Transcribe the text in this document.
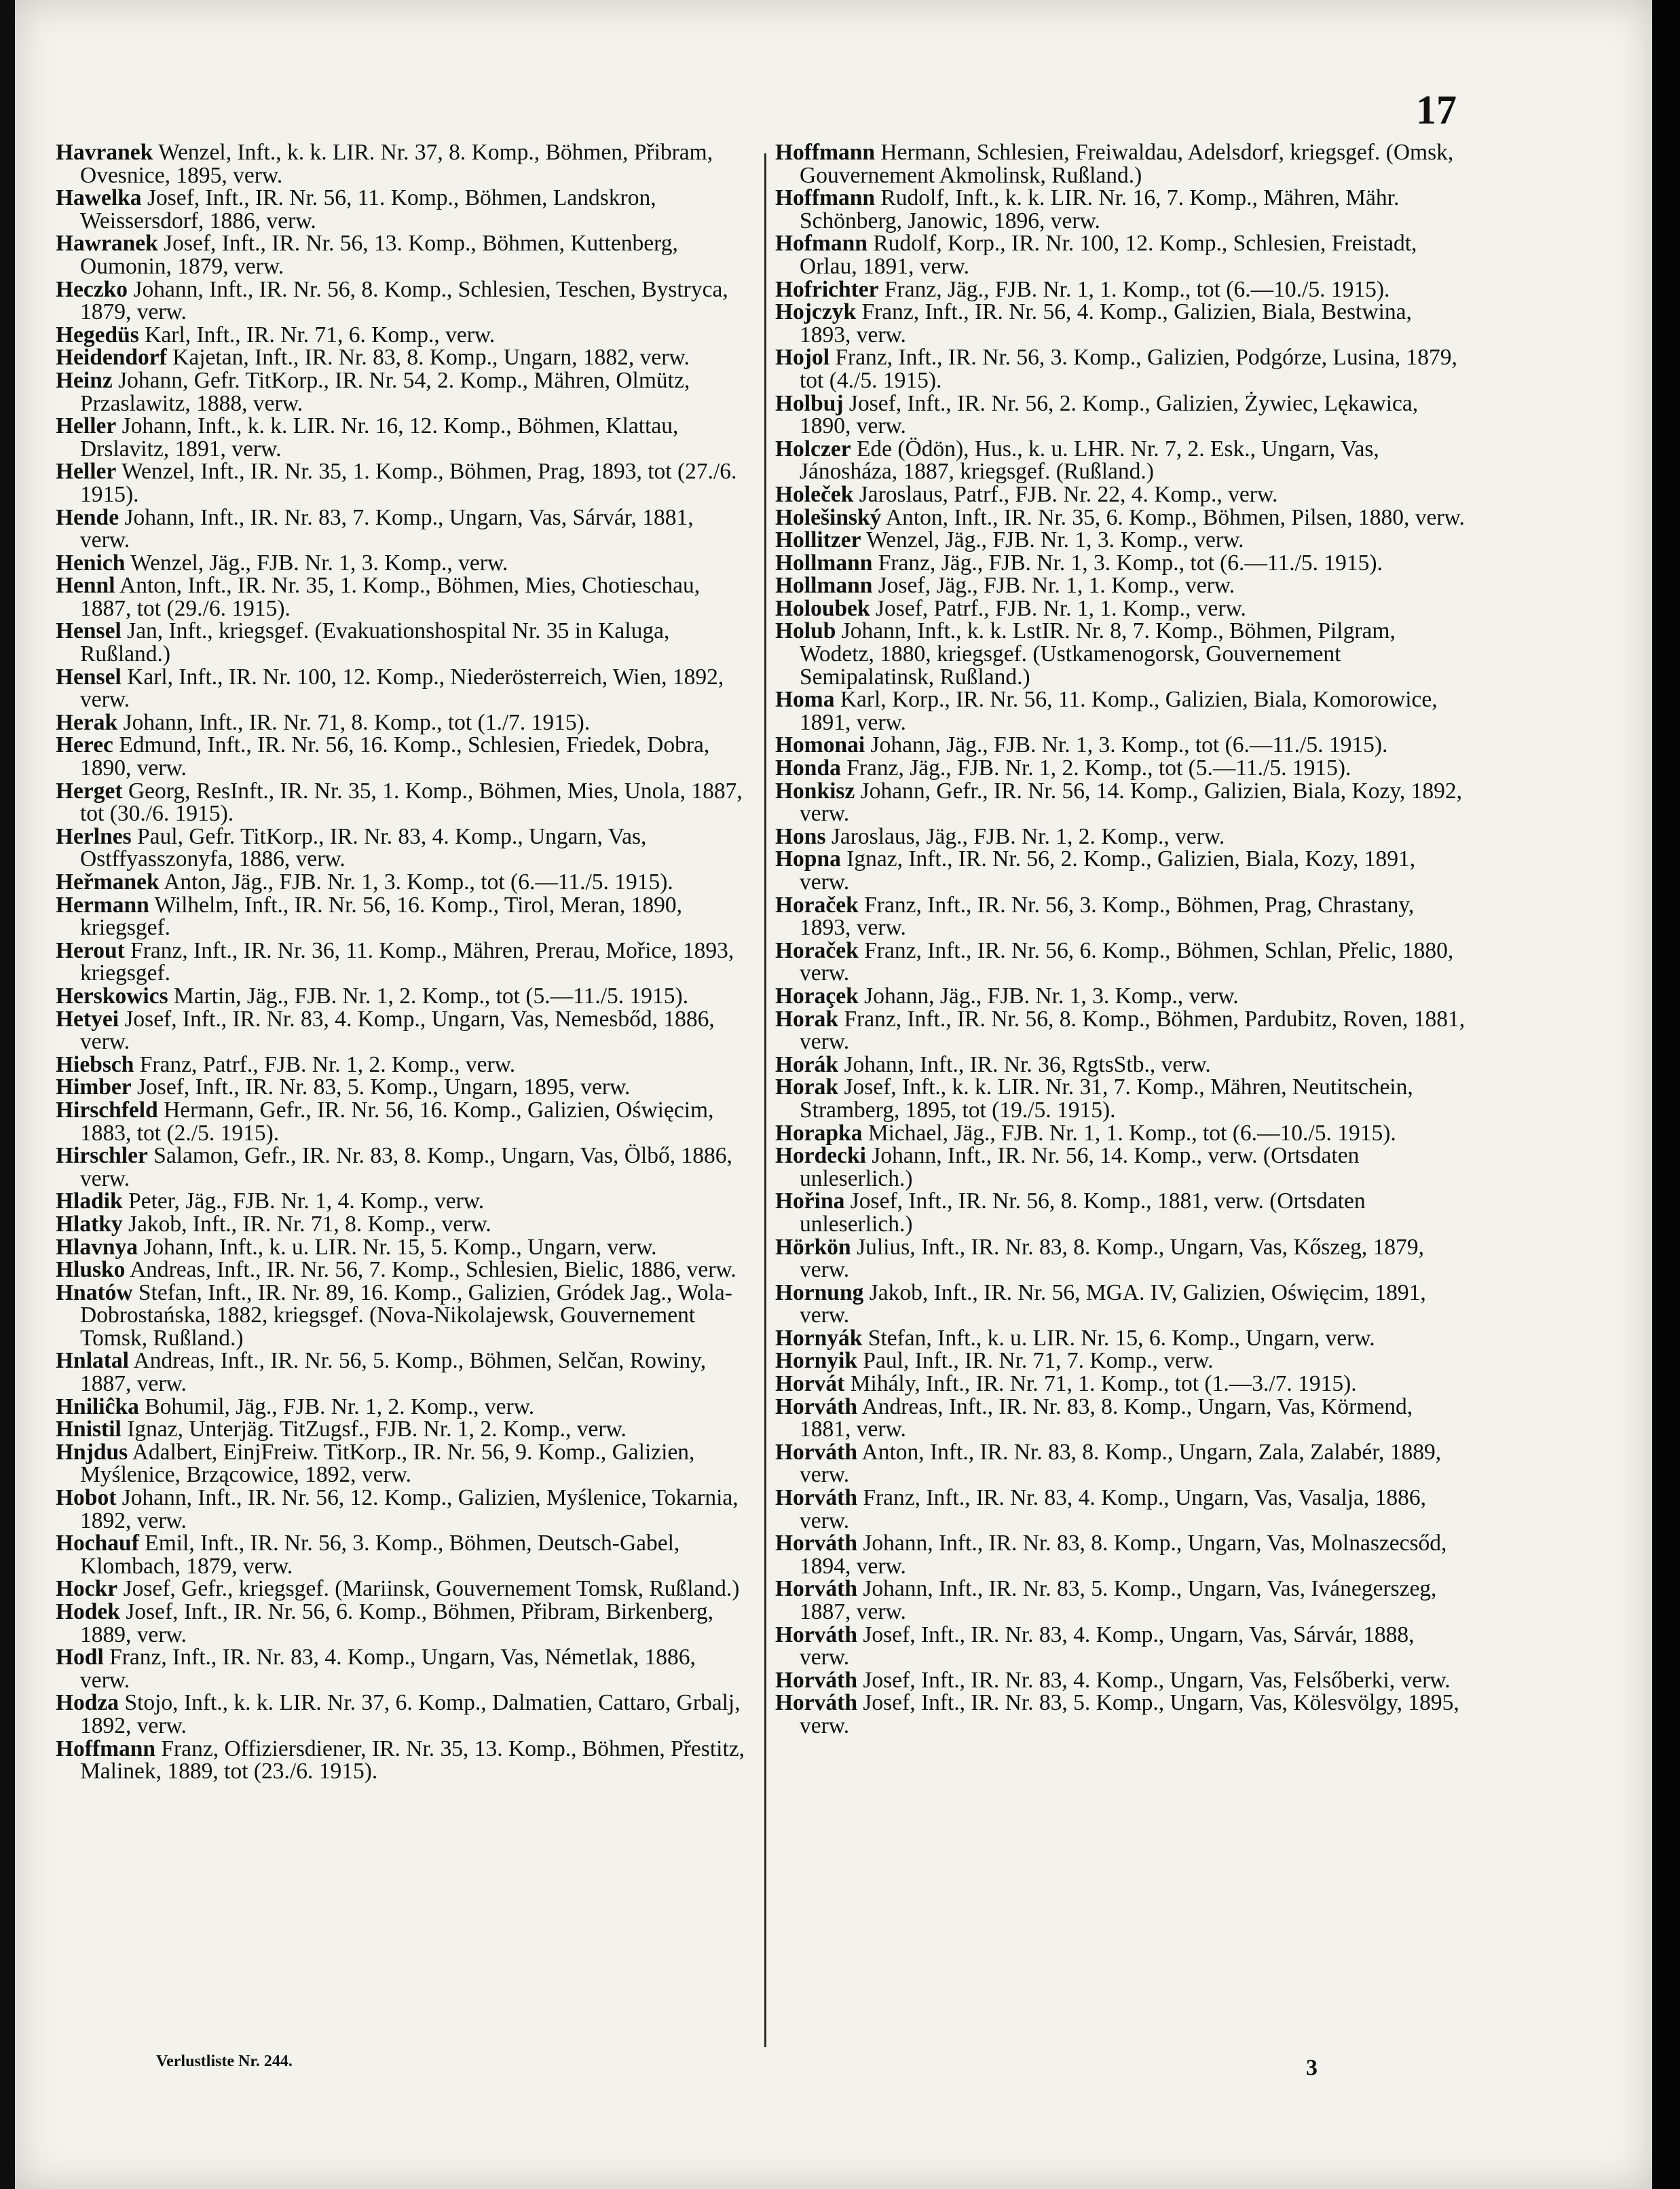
17

Havranek Wenzel, Inft., k. k. LIR. Nr. 37, 8. Komp., Böhmen, Přibram, Ovesnice, 1895, verw.

Hawelka Josef, Inft., IR. Nr. 56, 11. Komp., Böhmen, Landskron, Weissersdorf, 1886, verw.

Hawranek Josef, Inft., IR. Nr. 56, 13. Komp., Böhmen, Kuttenberg, Oumonin, 1879, verw.

Heczko Johann, Inft., IR. Nr. 56, 8. Komp., Schlesien, Teschen, Bystryca, 1879, verw.

Hegedüs Karl, Inft., IR. Nr. 71, 6. Komp., verw.

Heidendorf Kajetan, Inft., IR. Nr. 83, 8. Komp., Ungarn, 1882, verw.

Heinz Johann, Gefr. TitKorp., IR. Nr. 54, 2. Komp., Mähren, Olmütz, Przaslawitz, 1888, verw.

Heller Johann, Inft., k. k. LIR. Nr. 16, 12. Komp., Böhmen, Klattau, Drslavitz, 1891, verw.

Heller Wenzel, Inft., IR. Nr. 35, 1. Komp., Böhmen, Prag, 1893, tot (27./6. 1915).

Hende Johann, Inft., IR. Nr. 83, 7. Komp., Ungarn, Vas, Sárvár, 1881, verw.

Henich Wenzel, Jäg., FJB. Nr. 1, 3. Komp., verw.

Hennl Anton, Inft., IR. Nr. 35, 1. Komp., Böhmen, Mies, Chotieschau, 1887, tot (29./6. 1915).

Hensel Jan, Inft., kriegsgef. (Evakuationshospital Nr. 35 in Kaluga, Rußland.)

Hensel Karl, Inft., IR. Nr. 100, 12. Komp., Niederösterreich, Wien, 1892, verw.

Herak Johann, Inft., IR. Nr. 71, 8. Komp., tot (1./7. 1915).

Herec Edmund, Inft., IR. Nr. 56, 16. Komp., Schlesien, Friedek, Dobra, 1890, verw.

Herget Georg, ResInft., IR. Nr. 35, 1. Komp., Böhmen, Mies, Unola, 1887, tot (30./6. 1915).

Herlnes Paul, Gefr. TitKorp., IR. Nr. 83, 4. Komp., Ungarn, Vas, Ostffyasszonyfa, 1886, verw.

Heřmanek Anton, Jäg., FJB. Nr. 1, 3. Komp., tot (6.—11./5. 1915).

Hermann Wilhelm, Inft., IR. Nr. 56, 16. Komp., Tirol, Meran, 1890, kriegsgef.

Herout Franz, Inft., IR. Nr. 36, 11. Komp., Mähren, Prerau, Mořice, 1893, kriegsgef.

Herskowics Martin, Jäg., FJB. Nr. 1, 2. Komp., tot (5.—11./5. 1915).

Hetyei Josef, Inft., IR. Nr. 83, 4. Komp., Ungarn, Vas, Nemesbőd, 1886, verw.

Hiebsch Franz, Patrf., FJB. Nr. 1, 2. Komp., verw.

Himber Josef, Inft., IR. Nr. 83, 5. Komp., Ungarn, 1895, verw.

Hirschfeld Hermann, Gefr., IR. Nr. 56, 16. Komp., Galizien, Oświęcim, 1883, tot (2./5. 1915).

Hirschler Salamon, Gefr., IR. Nr. 83, 8. Komp., Ungarn, Vas, Ölbő, 1886, verw.

Hladik Peter, Jäg., FJB. Nr. 1, 4. Komp., verw.

Hlatky Jakob, Inft., IR. Nr. 71, 8. Komp., verw.

Hlavnya Johann, Inft., k. u. LIR. Nr. 15, 5. Komp., Ungarn, verw.

Hlusko Andreas, Inft., IR. Nr. 56, 7. Komp., Schlesien, Bielic, 1886, verw.

Hnatów Stefan, Inft., IR. Nr. 89, 16. Komp., Galizien, Gródek Jag., Wola-Dobrostańska, 1882, kriegsgef. (Nova-Nikolajewsk, Gouvernement Tomsk, Rußland.)

Hnlatal Andreas, Inft., IR. Nr. 56, 5. Komp., Böhmen, Selčan, Rowiny, 1887, verw.

Hniliĉka Bohumil, Jäg., FJB. Nr. 1, 2. Komp., verw.

Hnistil Ignaz, Unterjäg. TitZugsf., FJB. Nr. 1, 2. Komp., verw.

Hnjdus Adalbert, EinjFreiw. TitKorp., IR. Nr. 56, 9. Komp., Galizien, Myślenice, Brzącowice, 1892, verw.

Hobot Johann, Inft., IR. Nr. 56, 12. Komp., Galizien, Myślenice, Tokarnia, 1892, verw.

Hochauf Emil, Inft., IR. Nr. 56, 3. Komp., Böhmen, Deutsch-Gabel, Klombach, 1879, verw.

Hockr Josef, Gefr., kriegsgef. (Mariinsk, Gouvernement Tomsk, Rußland.)

Hodek Josef, Inft., IR. Nr. 56, 6. Komp., Böhmen, Přibram, Birkenberg, 1889, verw.

Hodl Franz, Inft., IR. Nr. 83, 4. Komp., Ungarn, Vas, Németlak, 1886, verw.

Hodza Stojo, Inft., k. k. LIR. Nr. 37, 6. Komp., Dalmatien, Cattaro, Grbalj, 1892, verw.

Hoffmann Franz, Offiziersdiener, IR. Nr. 35, 13. Komp., Böhmen, Přestitz, Malinek, 1889, tot (23./6. 1915).

Hoffmann Hermann, Schlesien, Freiwaldau, Adelsdorf, kriegsgef. (Omsk, Gouvernement Akmolinsk, Rußland.)

Hoffmann Rudolf, Inft., k. k. LIR. Nr. 16, 7. Komp., Mähren, Mähr. Schönberg, Janowic, 1896, verw.

Hofmann Rudolf, Korp., IR. Nr. 100, 12. Komp., Schlesien, Freistadt, Orlau, 1891, verw.

Hofrichter Franz, Jäg., FJB. Nr. 1, 1. Komp., tot (6.—10./5. 1915).

Hojczyk Franz, Inft., IR. Nr. 56, 4. Komp., Galizien, Biala, Bestwina, 1893, verw.

Hojol Franz, Inft., IR. Nr. 56, 3. Komp., Galizien, Podgórze, Lusina, 1879, tot (4./5. 1915).

Holbuj Josef, Inft., IR. Nr. 56, 2. Komp., Galizien, Żywiec, Lękawica, 1890, verw.

Holczer Ede (Ödön), Hus., k. u. LHR. Nr. 7, 2. Esk., Ungarn, Vas, Jánosháza, 1887, kriegsgef. (Rußland.)

Holeček Jaroslaus, Patrf., FJB. Nr. 22, 4. Komp., verw.

Holešinský Anton, Inft., IR. Nr. 35, 6. Komp., Böhmen, Pilsen, 1880, verw.

Hollitzer Wenzel, Jäg., FJB. Nr. 1, 3. Komp., verw.

Hollmann Franz, Jäg., FJB. Nr. 1, 3. Komp., tot (6.—11./5. 1915).

Hollmann Josef, Jäg., FJB. Nr. 1, 1. Komp., verw.

Holoubek Josef, Patrf., FJB. Nr. 1, 1. Komp., verw.

Holub Johann, Inft., k. k. LstIR. Nr. 8, 7. Komp., Böhmen, Pilgram, Wodetz, 1880, kriegsgef. (Ustkamenogorsk, Gouvernement Semipalatinsk, Rußland.)

Homa Karl, Korp., IR. Nr. 56, 11. Komp., Galizien, Biala, Komorowice, 1891, verw.

Homonai Johann, Jäg., FJB. Nr. 1, 3. Komp., tot (6.—11./5. 1915).

Honda Franz, Jäg., FJB. Nr. 1, 2. Komp., tot (5.—11./5. 1915).

Honkisz Johann, Gefr., IR. Nr. 56, 14. Komp., Galizien, Biala, Kozy, 1892, verw.

Hons Jaroslaus, Jäg., FJB. Nr. 1, 2. Komp., verw.

Hopna Ignaz, Inft., IR. Nr. 56, 2. Komp., Galizien, Biala, Kozy, 1891, verw.

Horaček Franz, Inft., IR. Nr. 56, 3. Komp., Böhmen, Prag, Chrastany, 1893, verw.

Horaček Franz, Inft., IR. Nr. 56, 6. Komp., Böhmen, Schlan, Přelic, 1880, verw.

Horaçek Johann, Jäg., FJB. Nr. 1, 3. Komp., verw.

Horak Franz, Inft., IR. Nr. 56, 8. Komp., Böhmen, Pardubitz, Roven, 1881, verw.

Horák Johann, Inft., IR. Nr. 36, RgtsStb., verw.

Horak Josef, Inft., k. k. LIR. Nr. 31, 7. Komp., Mähren, Neutitschein, Stramberg, 1895, tot (19./5. 1915).

Horapka Michael, Jäg., FJB. Nr. 1, 1. Komp., tot (6.—10./5. 1915).

Hordecki Johann, Inft., IR. Nr. 56, 14. Komp., verw. (Ortsdaten unleserlich.)

Hořina Josef, Inft., IR. Nr. 56, 8. Komp., 1881, verw. (Ortsdaten unleserlich.)

Hörkön Julius, Inft., IR. Nr. 83, 8. Komp., Ungarn, Vas, Kőszeg, 1879, verw.

Hornung Jakob, Inft., IR. Nr. 56, MGA. IV, Galizien, Oświęcim, 1891, verw.

Hornyák Stefan, Inft., k. u. LIR. Nr. 15, 6. Komp., Ungarn, verw.

Hornyik Paul, Inft., IR. Nr. 71, 7. Komp., verw.

Horvát Mihály, Inft., IR. Nr. 71, 1. Komp., tot (1.—3./7. 1915).

Horváth Andreas, Inft., IR. Nr. 83, 8. Komp., Ungarn, Vas, Körmend, 1881, verw.

Horváth Anton, Inft., IR. Nr. 83, 8. Komp., Ungarn, Zala, Zalabér, 1889, verw.

Horváth Franz, Inft., IR. Nr. 83, 4. Komp., Ungarn, Vas, Vasalja, 1886, verw.

Horváth Johann, Inft., IR. Nr. 83, 8. Komp., Ungarn, Vas, Molnaszecsőd, 1894, verw.

Horváth Johann, Inft., IR. Nr. 83, 5. Komp., Ungarn, Vas, Ivánegerszeg, 1887, verw.

Horváth Josef, Inft., IR. Nr. 83, 4. Komp., Ungarn, Vas, Sárvár, 1888, verw.

Horváth Josef, Inft., IR. Nr. 83, 4. Komp., Ungarn, Vas, Felsőberki, verw.

Horváth Josef, Inft., IR. Nr. 83, 5. Komp., Ungarn, Vas, Kölesvölgy, 1895, verw.

Verlustliste Nr. 244.	3
